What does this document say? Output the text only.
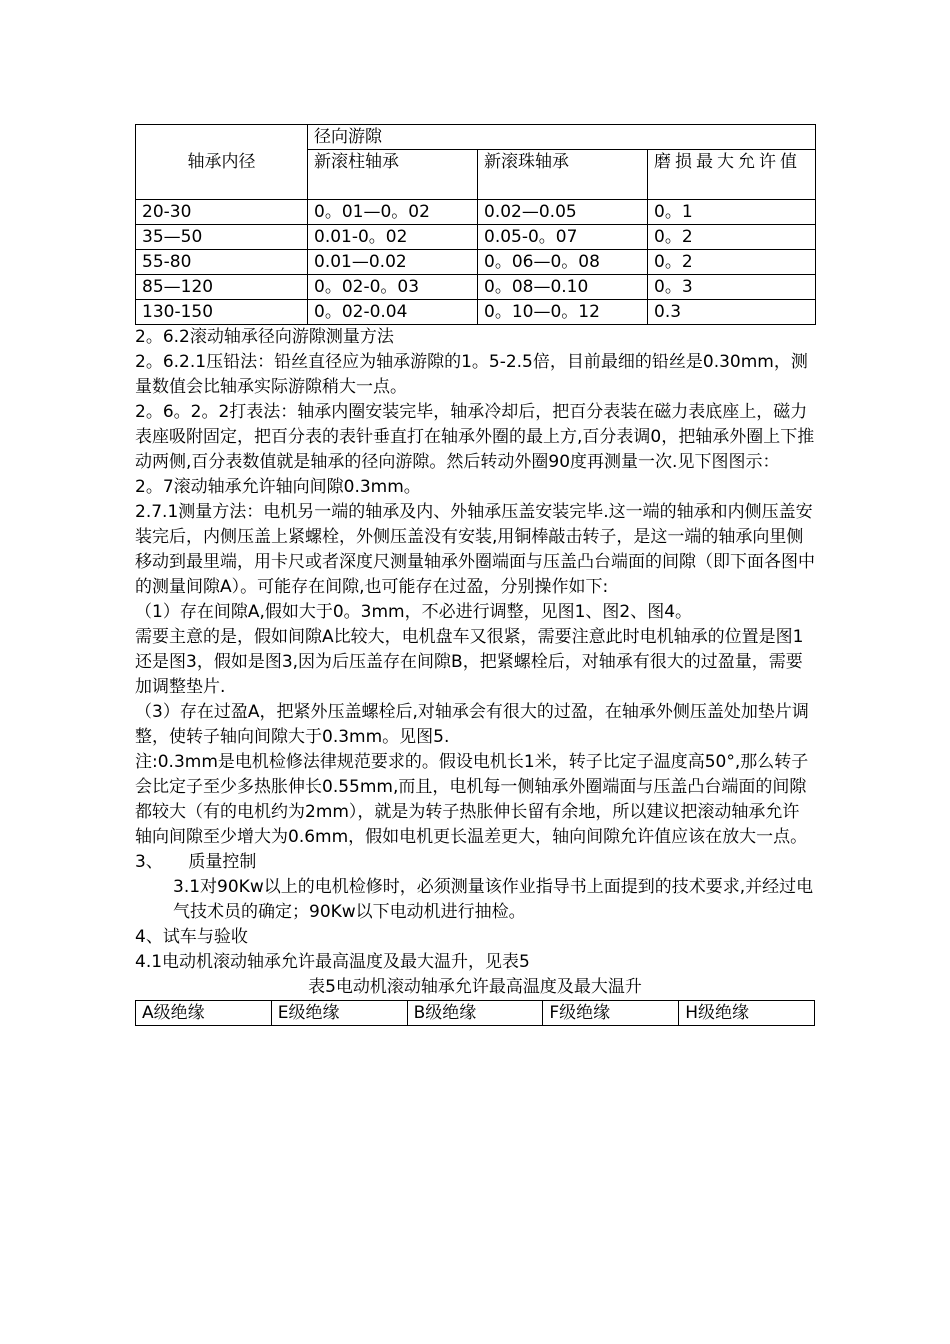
轴承内径	径向游隙		
	新滚柱轴承	新滚珠轴承	磨损最大允许值
20-30	0。01—0。02	0.02—0.05	0。1
35—50	0.01-0。02	0.05-0。07	0。2
55-80	0.01—0.02	0。06—0。08	0。2
85—120	0。02-0。03	0。08—0.10	0。3
130-150	0。02-0.04	0。10—0。12	0.3

2。6.2滚动轴承径向游隙测量方法

2。6.2.1压铅法：铅丝直径应为轴承游隙的1。5-2.5倍，目前最细的铅丝是0.30mm，测量数值会比轴承实际游隙稍大一点。

2。6。2。2打表法：轴承内圈安装完毕，轴承冷却后，把百分表装在磁力表底座上，磁力表座吸附固定，把百分表的表针垂直打在轴承外圈的最上方,百分表调0，把轴承外圈上下推动两侧,百分表数值就是轴承的径向游隙。然后转动外圈90度再测量一次.见下图图示：

2。7滚动轴承允许轴向间隙0.3mm。

2.7.1测量方法：电机另一端的轴承及内、外轴承压盖安装完毕.这一端的轴承和内侧压盖安装完后，内侧压盖上紧螺栓，外侧压盖没有安装,用铜棒敲击转子，是这一端的轴承向里侧移动到最里端，用卡尺或者深度尺测量轴承外圈端面与压盖凸台端面的间隙（即下面各图中的测量间隙A）。可能存在间隙,也可能存在过盈，分别操作如下:

（1）存在间隙A,假如大于0。3mm，不必进行调整，见图1、图2、图4。

需要主意的是，假如间隙A比较大，电机盘车又很紧，需要注意此时电机轴承的位置是图1还是图3，假如是图3,因为后压盖存在间隙B，把紧螺栓后，对轴承有很大的过盈量，需要加调整垫片.

（3）存在过盈A，把紧外压盖螺栓后,对轴承会有很大的过盈，在轴承外侧压盖处加垫片调整，使转子轴向间隙大于0.3mm。见图5.

注:0.3mm是电机检修法律规范要求的。假设电机长1米，转子比定子温度高50°,那么转子会比定子至少多热胀伸长0.55mm,而且，电机每一侧轴承外圈端面与压盖凸台端面的间隙都较大（有的电机约为2mm），就是为转子热胀伸长留有余地，所以建议把滚动轴承允许轴向间隙至少增大为0.6mm，假如电机更长温差更大，轴向间隙允许值应该在放大一点。

3、　　质量控制

3.1对90Kw以上的电机检修时，必须测量该作业指导书上面提到的技术要求,并经过电气技术员的确定；90Kw以下电动机进行抽检。

4、试车与验收

4.1电动机滚动轴承允许最高温度及最大温升，见表5

表5电动机滚动轴承允许最高温度及最大温升

A级绝缘	E级绝缘	B级绝缘	F级绝缘	H级绝缘
